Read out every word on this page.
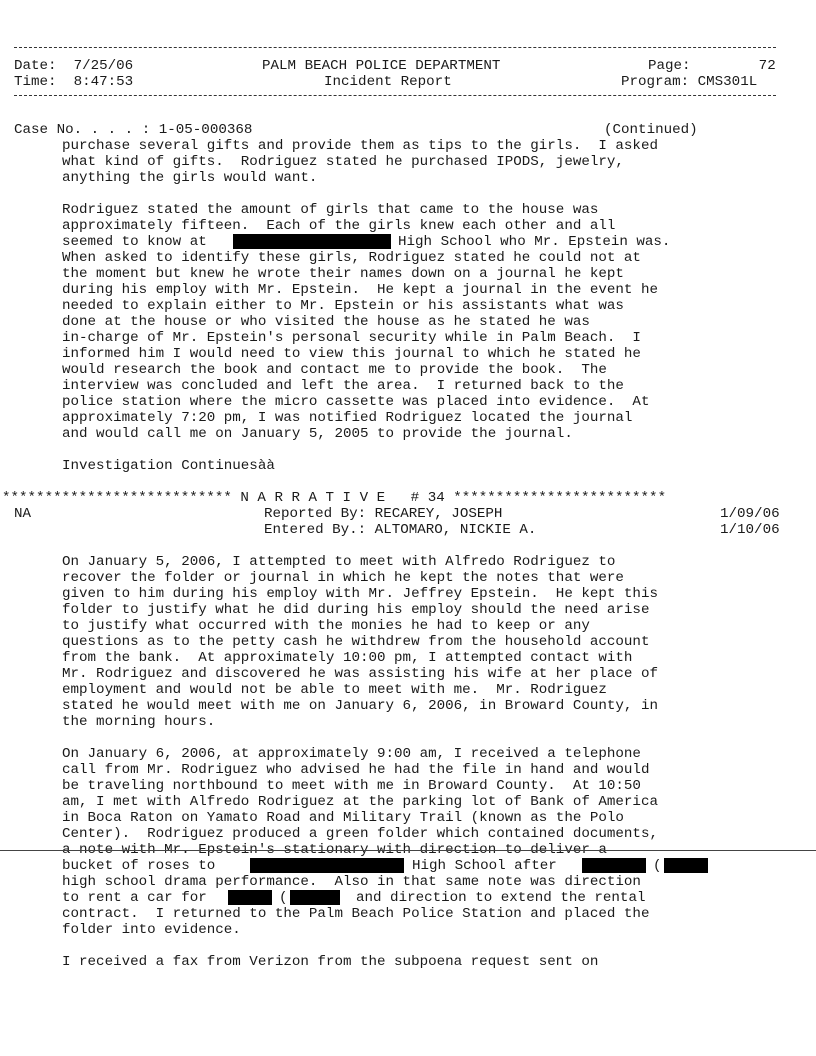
Date:  7/25/06
Time:  8:47:53
PALM BEACH POLICE DEPARTMENT
Incident Report
Page:        72
Program: CMS301L
Case No. . . . : 1-05-000368	(Continued)
purchase several gifts and provide them as tips to the girls.  I asked
what kind of gifts.  Rodriguez stated he purchased IPODS, jewelry,
anything the girls would want.
Rodriguez stated the amount of girls that came to the house was
approximately fifteen.  Each of the girls knew each other and all
seemed to know at	High School who Mr. Epstein was.
When asked to identify these girls, Rodriguez stated he could not at
the moment but knew he wrote their names down on a journal he kept
during his employ with Mr. Epstein.  He kept a journal in the event he
needed to explain either to Mr. Epstein or his assistants what was
done at the house or who visited the house as he stated he was
in-charge of Mr. Epstein's personal security while in Palm Beach.  I
informed him I would need to view this journal to which he stated he
would research the book and contact me to provide the book.  The
interview was concluded and left the area.  I returned back to the
police station where the micro cassette was placed into evidence.  At
approximately 7:20 pm, I was notified Rodriguez located the journal
and would call me on January 5, 2005 to provide the journal.
Investigation Continuesàà
*************************** N A R R A T I V E   # 34 *************************
NA	Reported By: RECAREY, JOSEPH	1/09/06
Entered By.: ALTOMARO, NICKIE A.	1/10/06
On January 5, 2006, I attempted to meet with Alfredo Rodriguez to
recover the folder or journal in which he kept the notes that were
given to him during his employ with Mr. Jeffrey Epstein.  He kept this
folder to justify what he did during his employ should the need arise
to justify what occurred with the monies he had to keep or any
questions as to the petty cash he withdrew from the household account
from the bank.  At approximately 10:00 pm, I attempted contact with
Mr. Rodriguez and discovered he was assisting his wife at her place of
employment and would not be able to meet with me.  Mr. Rodriguez
stated he would meet with me on January 6, 2006, in Broward County, in
the morning hours.
On January 6, 2006, at approximately 9:00 am, I received a telephone
call from Mr. Rodriguez who advised he had the file in hand and would
be traveling northbound to meet with me in Broward County.  At 10:50
am, I met with Alfredo Rodriguez at the parking lot of Bank of America
in Boca Raton on Yamato Road and Military Trail (known as the Polo
Center).  Rodriguez produced a green folder which contained documents,
a note with Mr. Epstein's stationary with direction to deliver a
bucket of roses to	High School after	(
high school drama performance.  Also in that same note was direction
to rent a car for	(	and direction to extend the rental
contract.  I returned to the Palm Beach Police Station and placed the
folder into evidence.
I received a fax from Verizon from the subpoena request sent on
